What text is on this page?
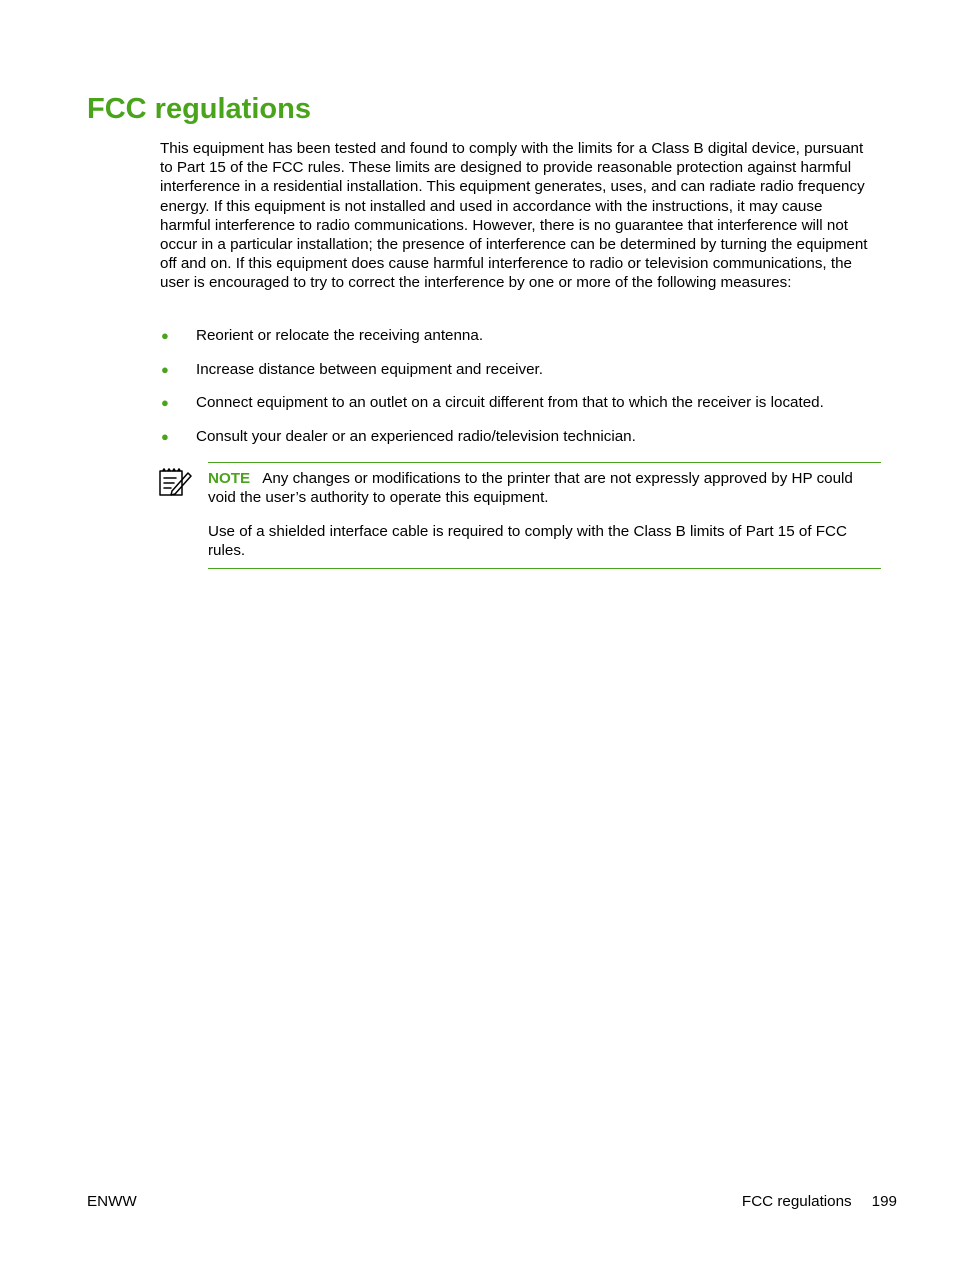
FCC regulations

This equipment has been tested and found to comply with the limits for a Class B digital device, pursuant to Part 15 of the FCC rules. These limits are designed to provide reasonable protection against harmful interference in a residential installation. This equipment generates, uses, and can radiate radio frequency energy. If this equipment is not installed and used in accordance with the instructions, it may cause harmful interference to radio communications. However, there is no guarantee that interference will not occur in a particular installation; the presence of interference can be determined by turning the equipment off and on. If this equipment does cause harmful interference to radio or television communications, the user is encouraged to try to correct the interference by one or more of the following measures:

● Reorient or relocate the receiving antenna.
● Increase distance between equipment and receiver.
● Connect equipment to an outlet on a circuit different from that to which the receiver is located.
● Consult your dealer or an experienced radio/television technician.

NOTE Any changes or modifications to the printer that are not expressly approved by HP could void the user’s authority to operate this equipment.

Use of a shielded interface cable is required to comply with the Class B limits of Part 15 of FCC rules.

ENWW	FCC regulations 199
